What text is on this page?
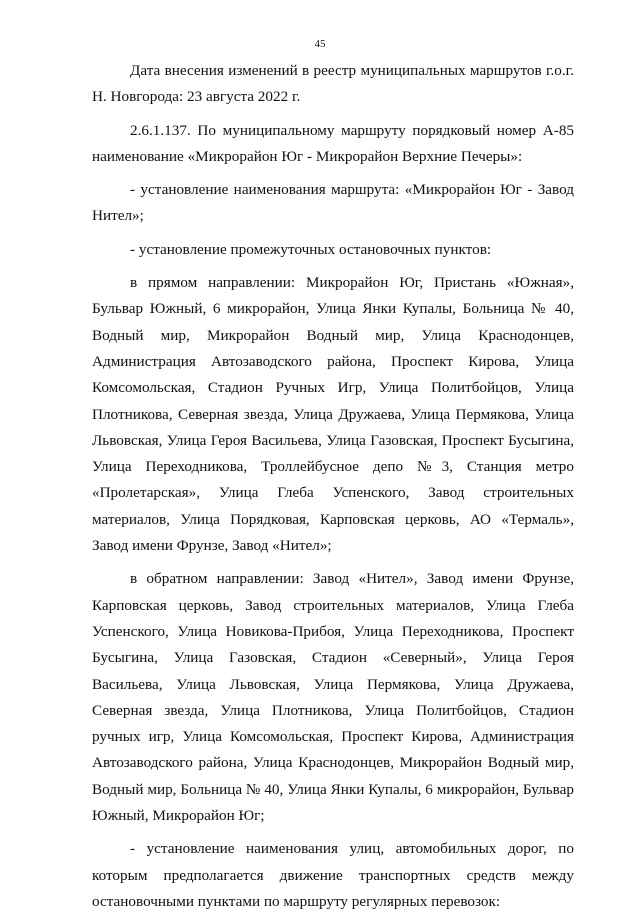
45

Дата внесения изменений в реестр муниципальных маршрутов г.о.г. Н. Новгорода: 23 августа 2022 г.

2.6.1.137. По муниципальному маршруту порядковый номер А-85 наименование «Микрорайон Юг - Микрорайон Верхние Печеры»:

- установление наименования маршрута: «Микрорайон Юг - Завод Нител»;

- установление промежуточных остановочных пунктов:

в прямом направлении: Микрорайон Юг, Пристань «Южная», Бульвар Южный, 6 микрорайон, Улица Янки Купалы, Больница № 40, Водный мир, Микрорайон Водный мир, Улица Краснодонцев, Администрация Автозаводского района, Проспект Кирова, Улица Комсомольская, Стадион Ручных Игр, Улица Политбойцов, Улица Плотникова, Северная звезда, Улица Дружаева, Улица Пермякова, Улица Львовская, Улица Героя Васильева, Улица Газовская, Проспект Бусыгина, Улица Переходникова, Троллейбусное депо №3, Станция метро «Пролетарская», Улица Глеба Успенского, Завод строительных материалов, Улица Порядковая, Карповская церковь, АО «Термаль», Завод имени Фрунзе, Завод «Нител»;

в обратном направлении: Завод «Нител», Завод имени Фрунзе, Карповская церковь, Завод строительных материалов, Улица Глеба Успенского, Улица Новикова-Прибоя, Улица Переходникова, Проспект Бусыгина, Улица Газовская, Стадион «Северный», Улица Героя Васильева, Улица Львовская, Улица Пермякова, Улица Дружаева, Северная звезда, Улица Плотникова, Улица Политбойцов, Стадион ручных игр, Улица Комсомольская, Проспект Кирова, Администрация Автозаводского района, Улица Краснодонцев, Микрорайон Водный мир, Водный мир, Больница № 40, Улица Янки Купалы, 6 микрорайон, Бульвар Южный, Микрорайон Юг;

- установление наименования улиц, автомобильных дорог, по которым предполагается движение транспортных средств между остановочными пунктами по маршруту регулярных перевозок:
